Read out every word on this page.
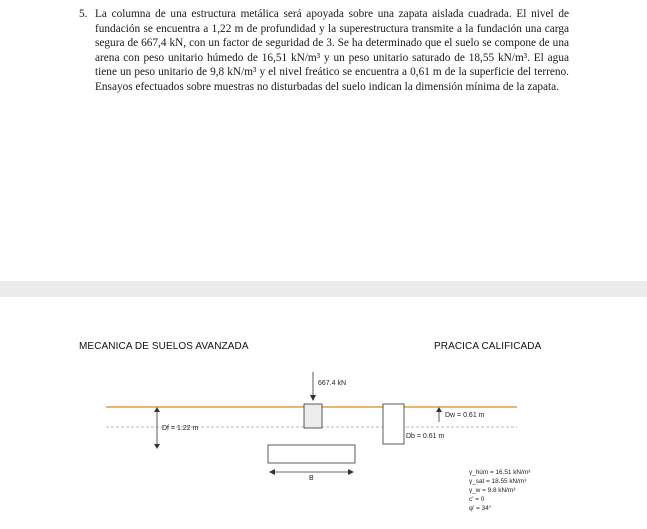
5. La columna de una estructura metálica será apoyada sobre una zapata aislada cuadrada. El nivel de fundación se encuentra a 1,22 m de profundidad y la superestructura transmite a la fundación una carga segura de 667,4 kN, con un factor de seguridad de 3. Se ha determinado que el suelo se compone de una arena con peso unitario húmedo de 16,51 kN/m³ y un peso unitario saturado de 18,55 kN/m³. El agua tiene un peso unitario de 9,8 kN/m³ y el nivel freático se encuentra a 0,61 m de la superficie del terreno. Ensayos efectuados sobre muestras no disturbadas del suelo indican la dimensión mínima de la zapata.
MECANICA DE SUELOS AVANZADA	PRACICA CALIFICADA
Df = 1.22 m
667.4 kN
B
Db = 0.61 m
Dw = 0.61 m
γ_húm = 16.51 kN/m³
γ_sat = 18.55 kN/m³
γ_w = 9.8 kN/m³
c' = 0
φ' = 34°
